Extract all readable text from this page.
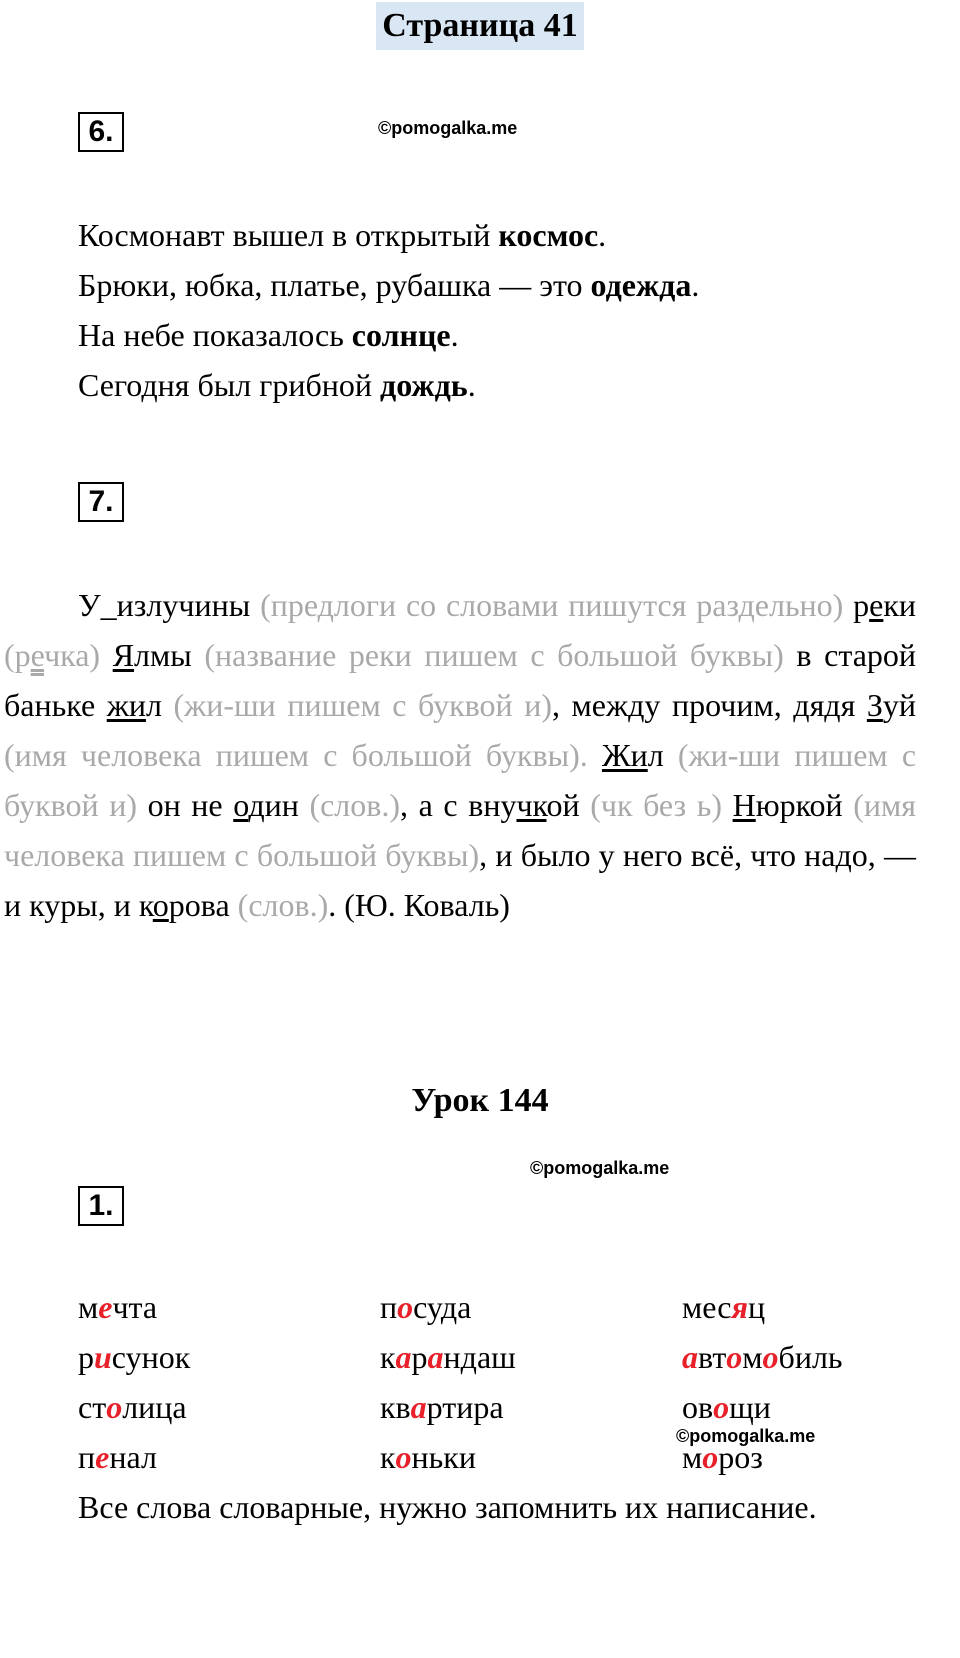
Страница 41
6.	©pomogalka.me
Космонавт вышел в открытый космос.
Брюки, юбка, платье, рубашка — это одежда.
На небе показалось солнце.
Сегодня был грибной дождь.
7.
У_излучины (предлоги со словами пишутся раздельно) реки (речка) Ялмы (название реки пишем с большой буквы) в старой баньке жил (жи-ши пишем с буквой и), между прочим, дядя Зуй (имя человека пишем с большой буквы). Жил (жи-ши пишем с буквой и) он не один (слов.), а с внучкой (чк без ь) Нюркой (имя человека пишем с большой буквы), и было у него всё, что надо, — и куры, и корова (слов.). (Ю. Коваль)
Урок 144
©pomogalka.me
1.
мечта
рисунок
столица
пенал
посуда
карандаш
квартира
коньки
месяц
автомобиль
овощи
мороз
©pomogalka.me
Все слова словарные, нужно запомнить их написание.
